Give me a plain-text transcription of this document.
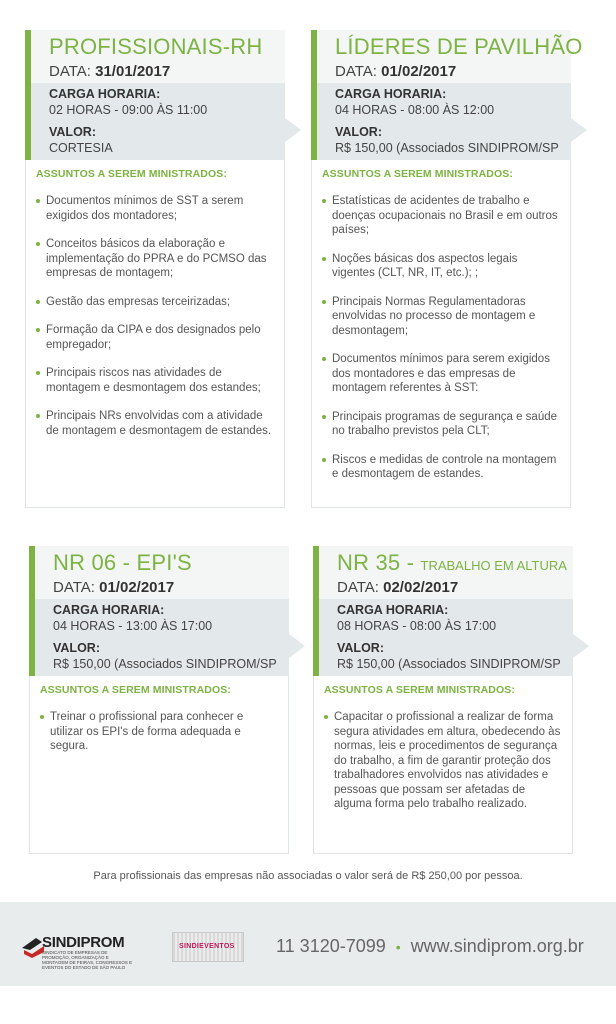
PROFISSIONAIS-RH
DATA: 31/01/2017
CARGA HORARIA:
02 HORAS - 09:00 ÀS 11:00
VALOR:
CORTESIA
ASSUNTOS A SEREM MINISTRADOS:
Documentos mínimos de SST a serem exigidos dos montadores;
Conceitos básicos da elaboração e implementação do PPRA e do PCMSO das empresas de montagem;
Gestão das empresas terceirizadas;
Formação da CIPA e dos designados pelo empregador;
Principais riscos nas atividades de montagem e desmontagem dos estandes;
Principais NRs envolvidas com a atividade de montagem e desmontagem de estandes.
LÍDERES DE PAVILHÃO
DATA: 01/02/2017
CARGA HORARIA:
04 HORAS - 08:00 ÀS 12:00
VALOR:
R$ 150,00 (Associados SINDIPROM/SP
ASSUNTOS A SEREM MINISTRADOS:
Estatísticas de acidentes de trabalho e doenças ocupacionais no Brasil e em outros países;
Noções básicas dos aspectos legais vigentes (CLT, NR, IT, etc.); ;
Principais Normas Regulamentadoras envolvidas no processo de montagem e desmontagem;
Documentos mínimos para serem exigidos dos montadores e das empresas de montagem referentes à SST:
Principais programas de segurança e saúde no trabalho previstos pela CLT;
Riscos e medidas de controle na montagem e desmontagem de estandes.
NR 06 - EPI'S
DATA: 01/02/2017
CARGA HORARIA:
04 HORAS - 13:00 ÀS 17:00
VALOR:
R$ 150,00 (Associados SINDIPROM/SP
ASSUNTOS A SEREM MINISTRADOS:
Treinar o profissional para conhecer e utilizar os EPI's de forma adequada e segura.
NR 35 - TRABALHO EM ALTURA
DATA: 02/02/2017
CARGA HORARIA:
08 HORAS - 08:00 ÀS 17:00
VALOR:
R$ 150,00 (Associados SINDIPROM/SP
ASSUNTOS A SEREM MINISTRADOS:
Capacitar o profissional a realizar de forma segura atividades em altura, obedecendo às normas, leis e procedimentos de segurança do trabalho, a fim de garantir proteção dos trabalhadores envolvidos nas atividades e pessoas que possam ser afetadas de alguma forma pelo trabalho realizado.
Para profissionais das empresas não associadas o valor será de R$ 250,00 por pessoa.
SINDIPROM
SINDICATO DE EMPRESAS DE PROMOÇÃO, ORGANIZAÇÃO E MONTAGEM DE FEIRAS, CONGRESSOS E EVENTOS DO ESTADO DE SÃO PAULO
SINDIEVENTOS 11 3120-7099 • www.sindiprom.org.br
